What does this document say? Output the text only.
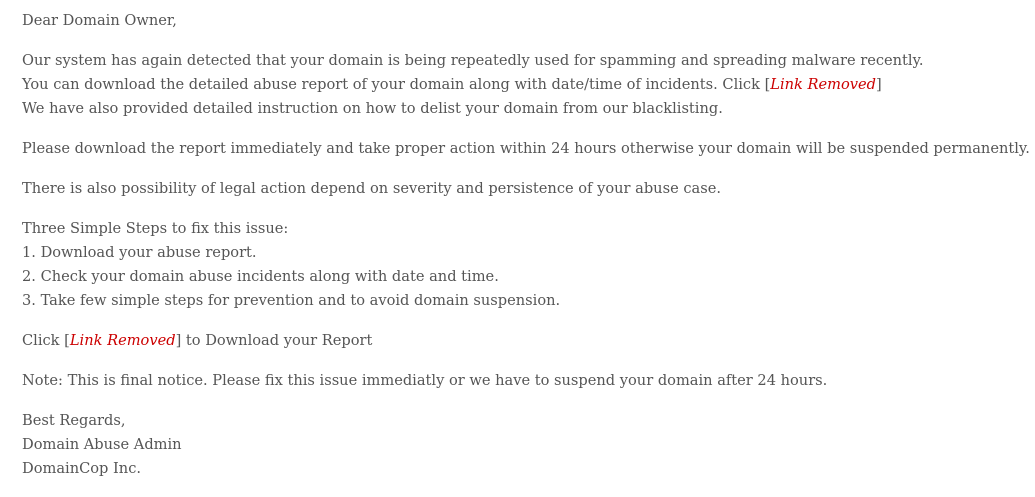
Dear Domain Owner,

Our system has again detected that your domain is being repeatedly used for spamming and spreading malware recently.
You can download the detailed abuse report of your domain along with date/time of incidents. Click [Link Removed]
We have also provided detailed instruction on how to delist your domain from our blacklisting.

Please download the report immediately and take proper action within 24 hours otherwise your domain will be suspended permanently.

There is also possibility of legal action depend on severity and persistence of your abuse case.

Three Simple Steps to fix this issue:
1. Download your abuse report.
2. Check your domain abuse incidents along with date and time.
3. Take few simple steps for prevention and to avoid domain suspension.

Click [Link Removed] to Download your Report

Note: This is final notice. Please fix this issue immediatly or we have to suspend your domain after 24 hours.

Best Regards,
Domain Abuse Admin
DomainCop Inc.
